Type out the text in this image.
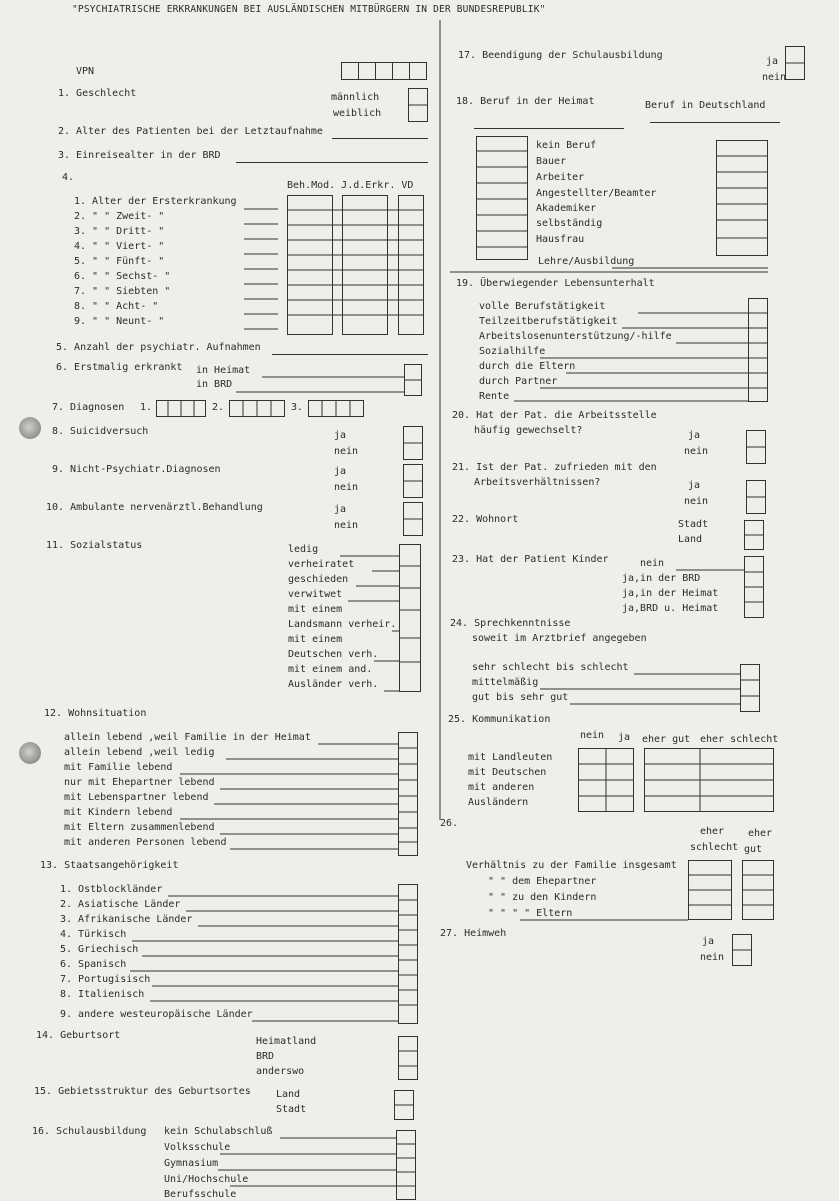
"PSYCHIATRISCHE ERKRANKUNGEN BEI AUSLÄNDISCHEN MITBÜRGERN IN DER BUNDESREPUBLIK"
VPN
1. Geschlecht	männlich
weiblich
2. Alter des Patienten bei der Letztaufnahme
3. Einreisealter in der BRD
4.
Beh.Mod. J.d.Erkr. VD
1. Alter der Ersterkrankung
2. " " Zweit- "
3. " " Dritt- "
4. " " Viert- "
5. " " Fünft- "
6. " " Sechst- "
7. " " Siebten "
8. " " Acht- "
9. " " Neunt- "
5. Anzahl der psychiatr. Aufnahmen
6. Erstmalig erkrankt in Heimat
in BRD
7. Diagnosen 1.	2.	3.
8. Suicidversuch	ja
nein
9. Nicht-Psychiatr.Diagnosen	ja
nein
10. Ambulante nervenärztl.Behandlung	ja
nein
11. Sozialstatus	ledig
verheiratet
geschieden
verwitwet
mit einem
Landsmann verheir.
mit einem
Deutschen verh.
mit einem and.
Ausländer verh.
12. Wohnsituation
allein lebend ,weil Familie in der Heimat
allein lebend ,weil ledig
mit Familie lebend
nur mit Ehepartner lebend
mit Lebenspartner lebend
mit Kindern lebend
mit Eltern zusammenlebend
mit anderen Personen lebend
13. Staatsangehörigkeit
1. Ostblockländer
2. Asiatische Länder
3. Afrikanische Länder
4. Türkisch
5. Griechisch
6. Spanisch
7. Portugisisch
8. Italienisch
9. andere westeuropäische Länder
14. Geburtsort
Heimatland
BRD
anderswo
15. Gebietsstruktur des Geburtsortes	Land
Stadt
16. Schulausbildung kein Schulabschluß
Volksschule
Gymnasium
Uni/Hochschule
Berufsschule
17. Beendigung der Schulausbildung
ja
nein
18. Beruf in der Heimat	Beruf in Deutschland
kein Beruf
Bauer
Arbeiter
Angestellter/Beamter
Akademiker
selbständig
Hausfrau
Lehre/Ausbildung
19. Überwiegender Lebensunterhalt
volle Berufstätigkeit
Teilzeitberufstätigkeit
Arbeitslosenunterstützung/-hilfe
Sozialhilfe
durch die Eltern
durch Partner
Rente
20. Hat der Pat. die Arbeitsstelle
häufig gewechselt?	ja
nein
21. Ist der Pat. zufrieden mit den
Arbeitsverhältnissen?	ja
nein
22. Wohnort	Stadt
Land
23. Hat der Patient Kinder	nein
ja,in der BRD
ja,in der Heimat
ja,BRD u. Heimat
24. Sprechkenntnisse
soweit im Arztbrief angegeben
sehr schlecht bis schlecht
mittelmäßig
gut bis sehr gut
25. Kommunikation
nein ja eher gut eher schlecht
mit Landleuten
mit Deutschen
mit anderen
Ausländern
26.
eher
schlecht
eher
gut
Verhältnis zu der Familie insgesamt
" " dem Ehepartner
" " zu den Kindern
" " " " Eltern
27. Heimweh
ja
nein
